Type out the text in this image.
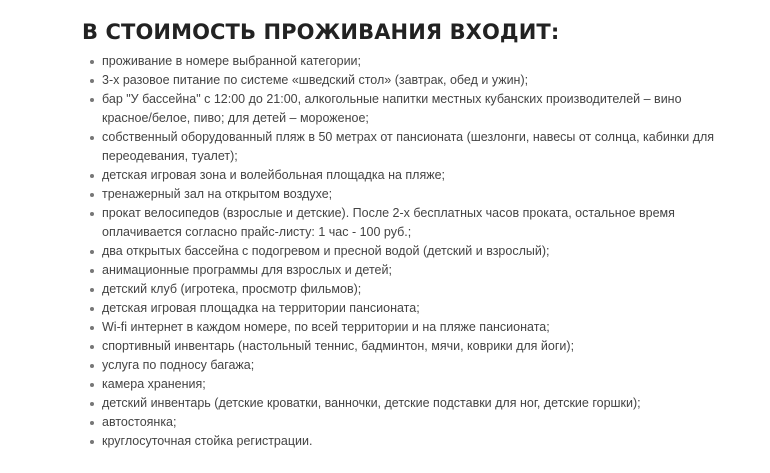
В СТОИМОСТЬ ПРОЖИВАНИЯ ВХОДИТ:
проживание в номере выбранной категории;
3-х разовое питание по системе «шведский стол» (завтрак, обед и ужин);
бар "У бассейна" с 12:00 до 21:00, алкогольные напитки местных кубанских производителей – вино красное/белое, пиво; для детей – мороженое;
собственный оборудованный пляж в 50 метрах от пансионата (шезлонги, навесы от солнца, кабинки для переодевания, туалет);
детская игровая зона и волейбольная площадка на пляже;
тренажерный зал на открытом воздухе;
прокат велосипедов (взрослые и детские). После 2-х бесплатных часов проката, остальное время оплачивается согласно прайс-листу: 1 час - 100 руб.;
два открытых бассейна с подогревом и пресной водой (детский и взрослый);
анимационные программы для взрослых и детей;
детский клуб (игротека, просмотр фильмов);
детская игровая площадка на территории пансионата;
Wi-fi интернет в каждом номере, по всей территории и на пляже пансионата;
спортивный инвентарь (настольный теннис, бадминтон, мячи, коврики для йоги);
услуга по подносу багажа;
камера хранения;
детский инвентарь (детские кроватки, ванночки, детские подставки для ног, детские горшки);
автостоянка;
круглосуточная стойка регистрации.
